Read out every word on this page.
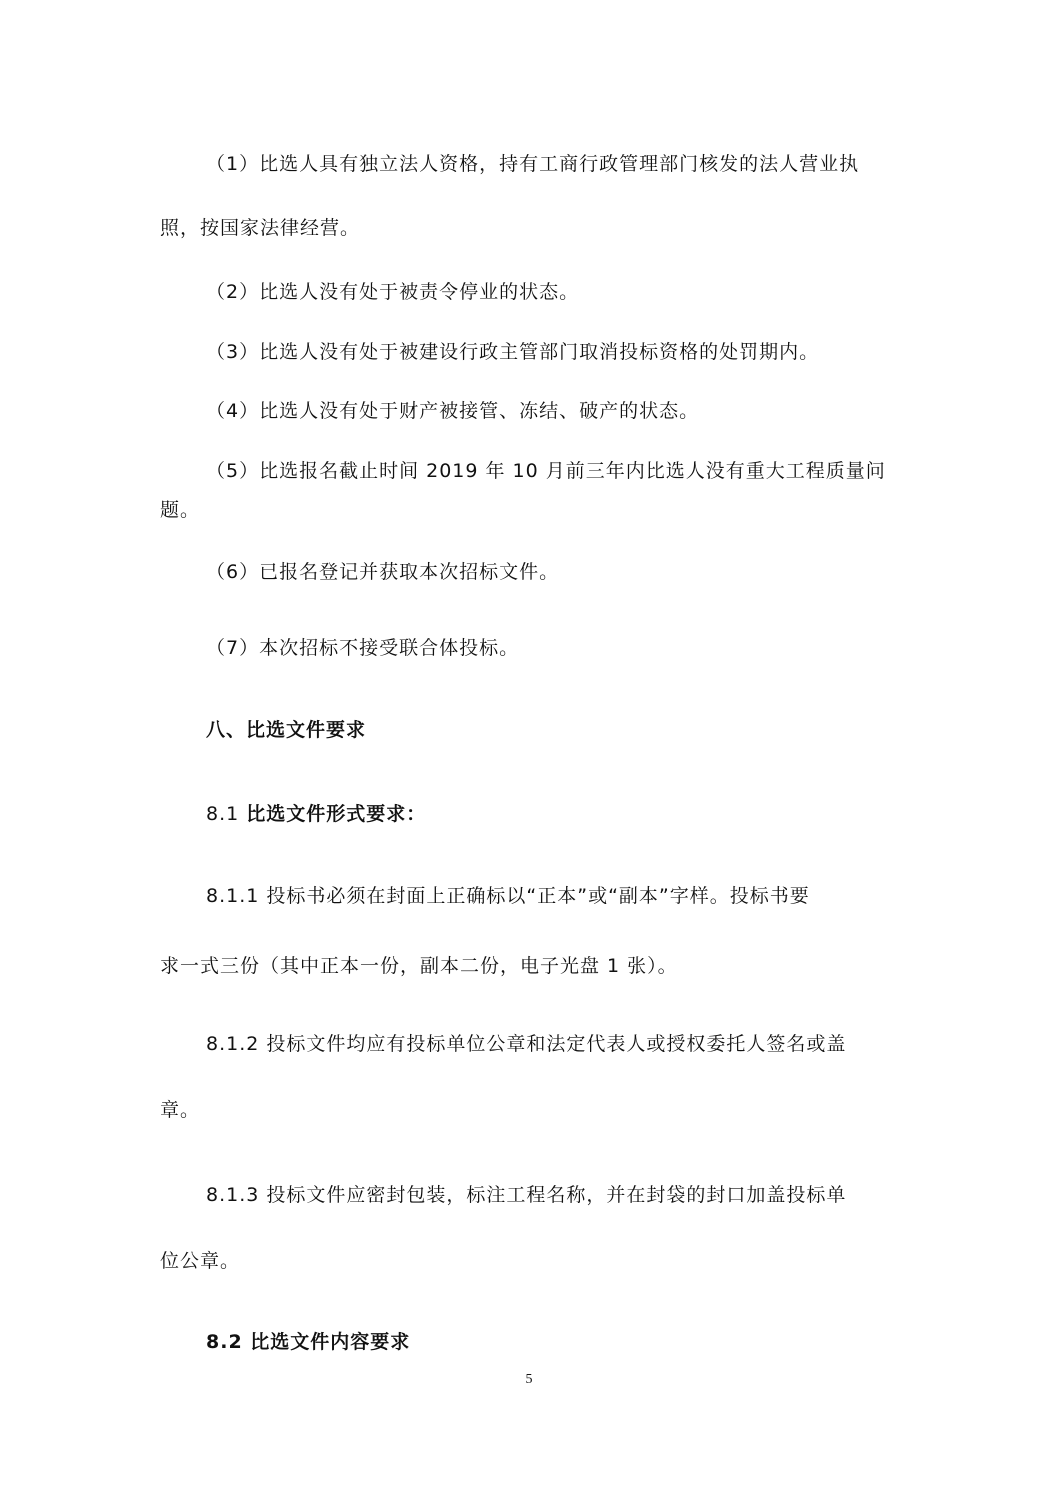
（1）比选人具有独立法人资格，持有工商行政管理部门核发的法人营业执
照，按国家法律经营。
（2）比选人没有处于被责令停业的状态。
（3）比选人没有处于被建设行政主管部门取消投标资格的处罚期内。
（4）比选人没有处于财产被接管、冻结、破产的状态。
（5）比选报名截止时间 2019 年 10 月前三年内比选人没有重大工程质量问
题。
（6）已报名登记并获取本次招标文件。
（7）本次招标不接受联合体投标。
八、比选文件要求
8.1 比选文件形式要求：
8.1.1 投标书必须在封面上正确标以“正本”或“副本”字样。投标书要
求一式三份（其中正本一份，副本二份，电子光盘 1 张）。
8.1.2 投标文件均应有投标单位公章和法定代表人或授权委托人签名或盖
章。
8.1.3 投标文件应密封包装，标注工程名称，并在封袋的封口加盖投标单
位公章。
8.2 比选文件内容要求
5
